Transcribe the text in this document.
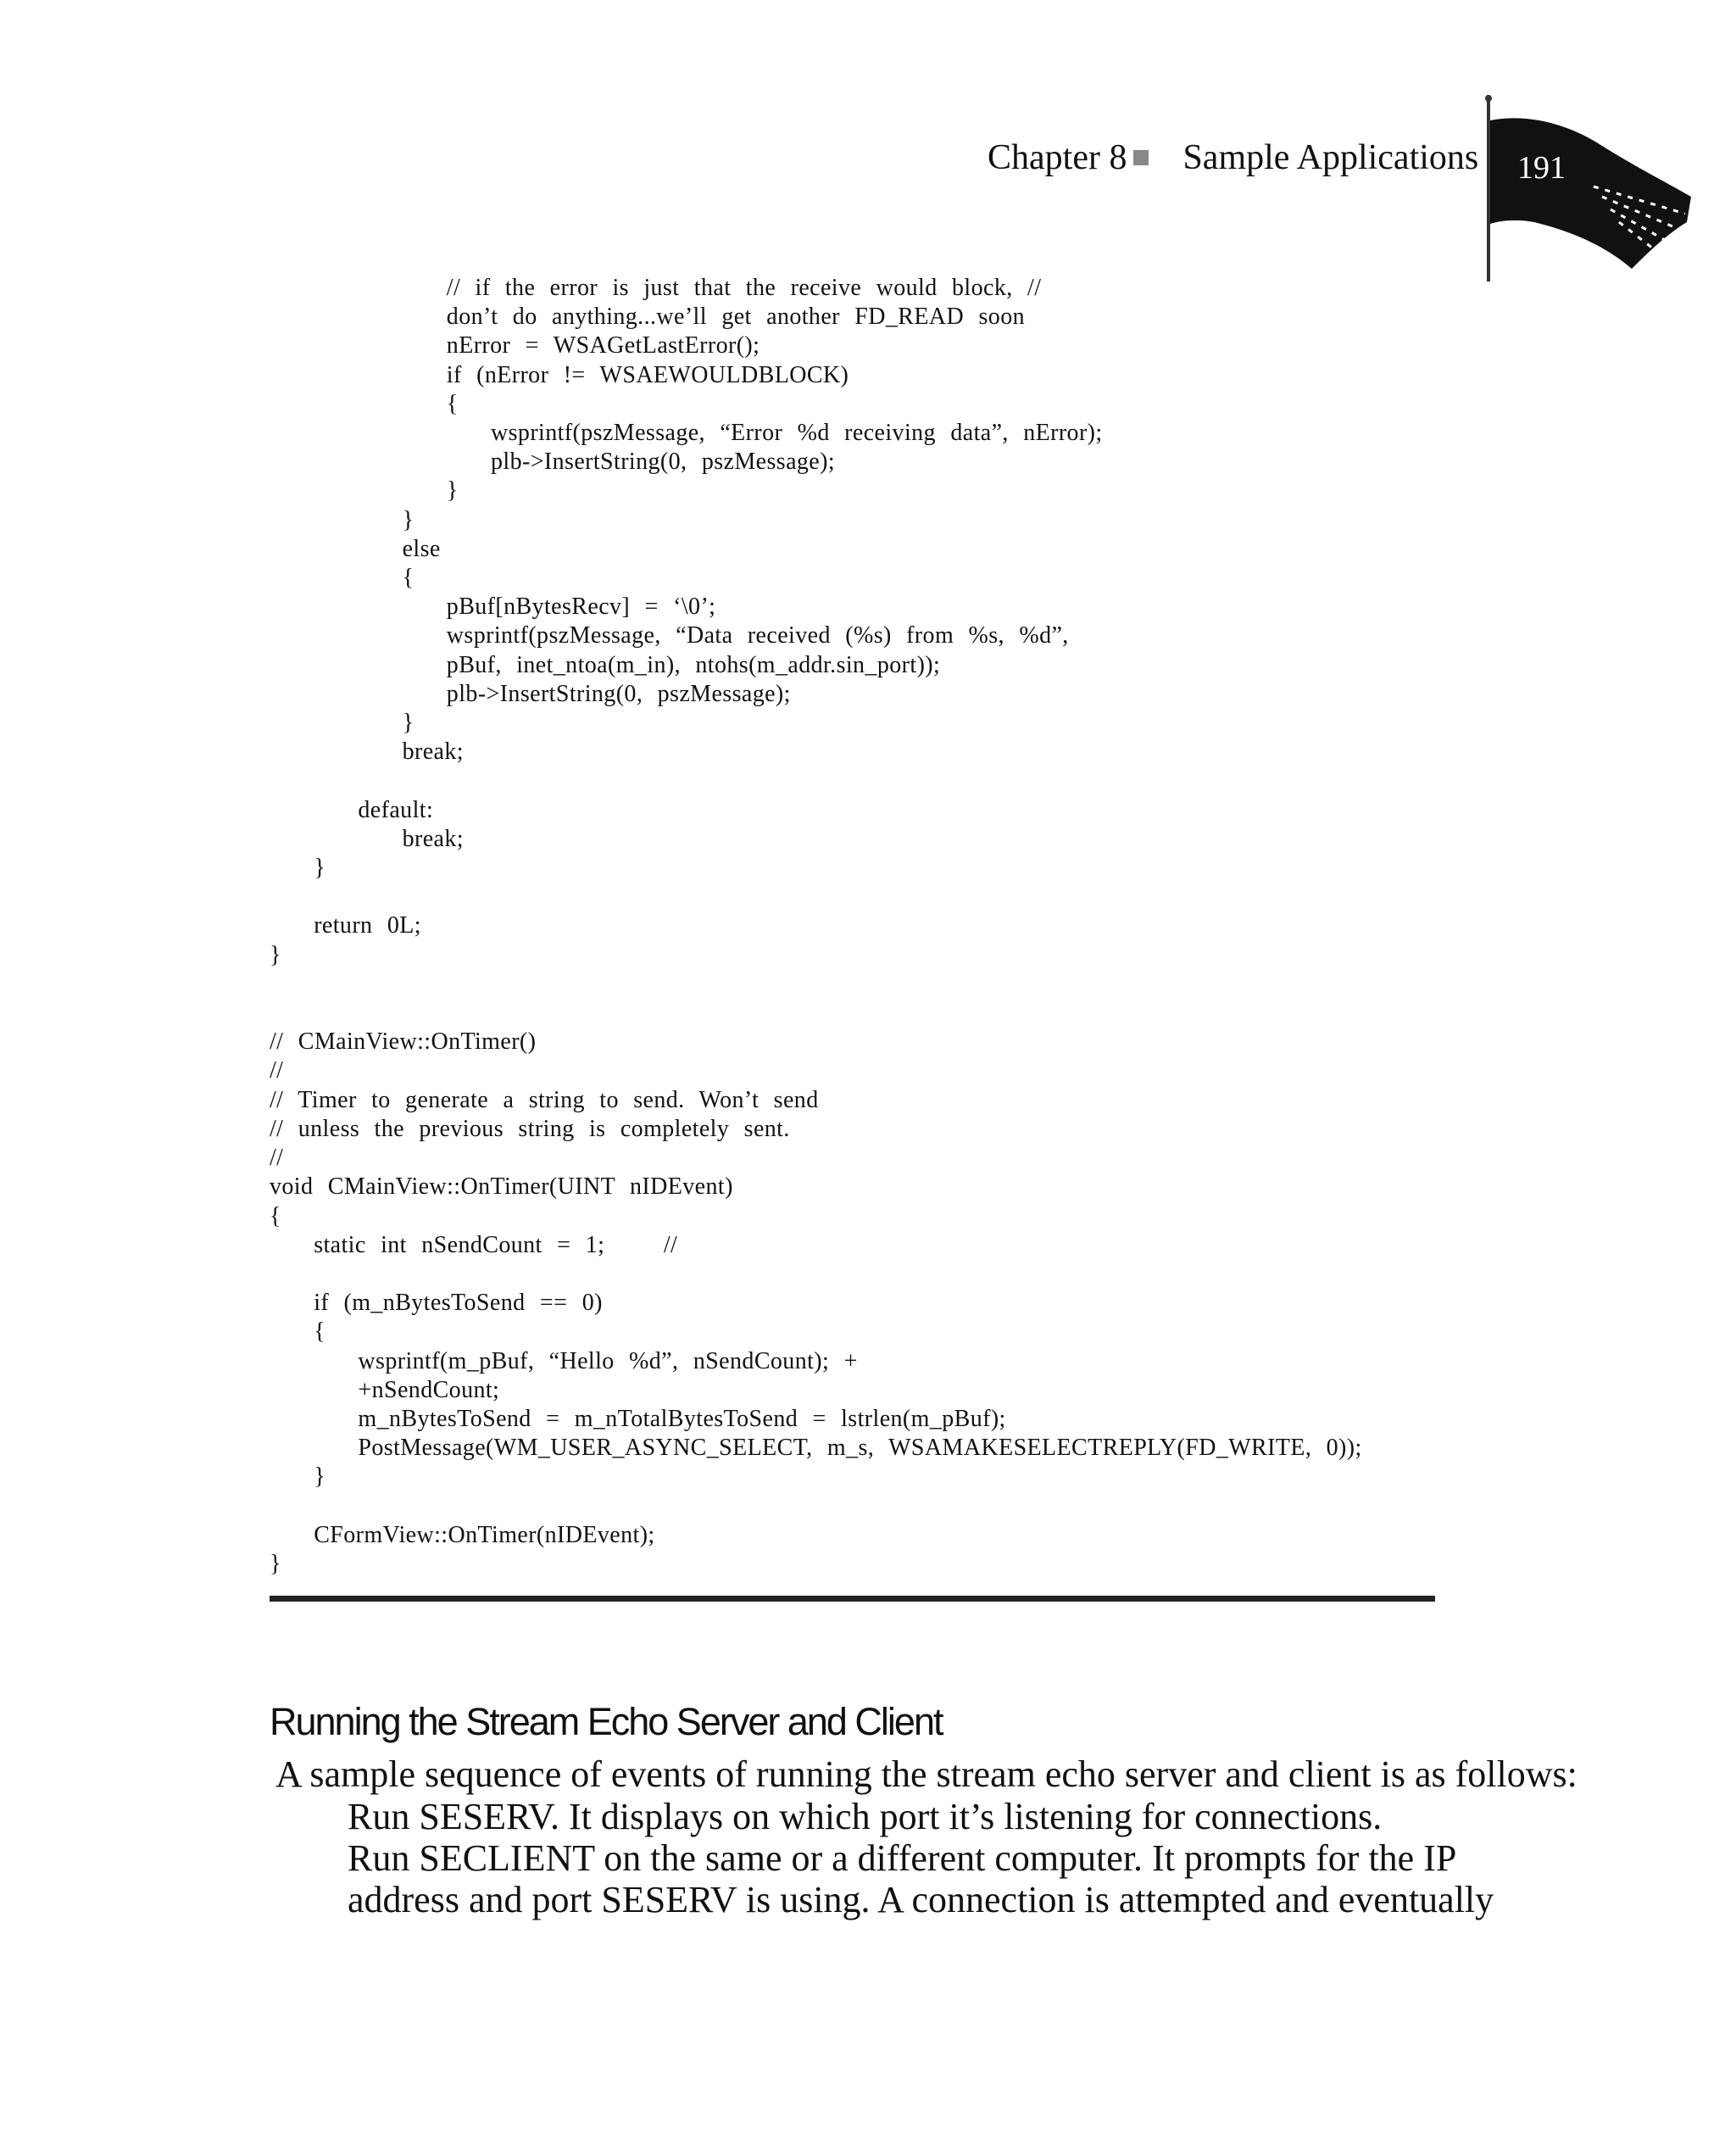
Chapter 8 Sample Applications 191
// if the error is just that the receive would block, //
don’t do anything...we’ll get another FD_READ soon
nError = WSAGetLastError();
if (nError != WSAEWOULDBLOCK)
{
wsprintf(pszMessage, “Error %d receiving data”, nError);
plb->InsertString(0, pszMessage);
}
}
else
{
pBuf[nBytesRecv] = ‘\0’;
wsprintf(pszMessage, “Data received (%s) from %s, %d”,
pBuf, inet_ntoa(m_in), ntohs(m_addr.sin_port));
plb->InsertString(0, pszMessage);
}
break;

default:
break;
}

return 0L;
}

// CMainView::OnTimer()
//
// Timer to generate a string to send. Won’t send
// unless the previous string is completely sent.
//
void CMainView::OnTimer(UINT nIDEvent)
{
static int nSendCount = 1;    //

if (m_nBytesToSend == 0)
{
wsprintf(m_pBuf, “Hello %d”, nSendCount); +
+nSendCount;
m_nBytesToSend = m_nTotalBytesToSend = lstrlen(m_pBuf);
PostMessage(WM_USER_ASYNC_SELECT, m_s, WSAMAKESELECTREPLY(FD_WRITE, 0));
}

CFormView::OnTimer(nIDEvent);
}
Running the Stream Echo Server and Client

A sample sequence of events of running the stream echo server and client is as follows:

Run SESERV. It displays on which port it’s listening for connections.
Run SECLIENT on the same or a different computer. It prompts for the IP
address and port SESERV is using. A connection is attempted and eventually
